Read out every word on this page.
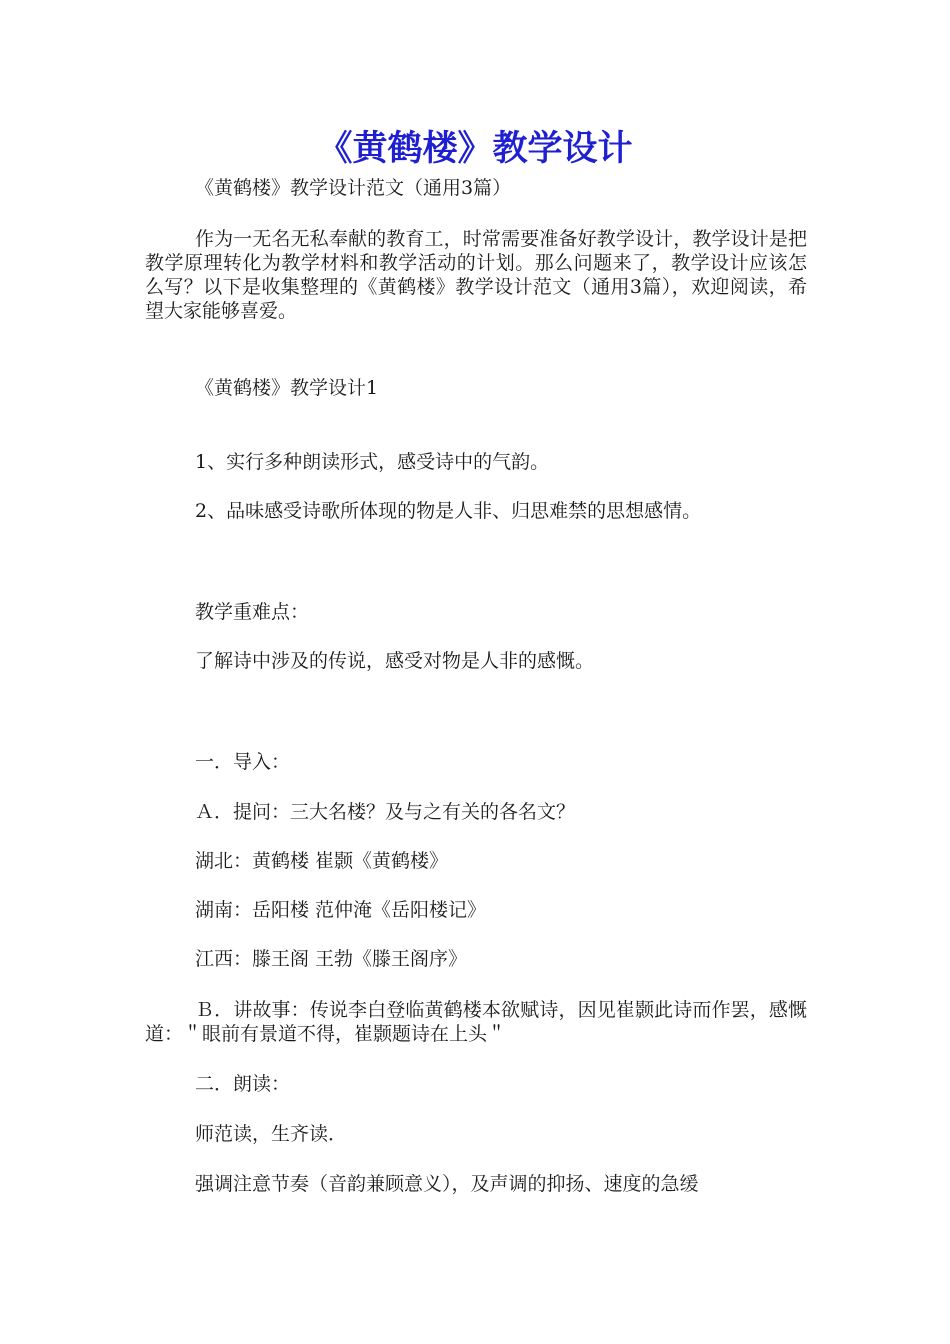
《黄鹤楼》教学设计

《黄鹤楼》教学设计范文（通用3篇）

作为一无名无私奉献的教育工，时常需要准备好教学设计，教学设计是把教学原理转化为教学材料和教学活动的计划。那么问题来了，教学设计应该怎么写？以下是收集整理的《黄鹤楼》教学设计范文（通用3篇），欢迎阅读，希望大家能够喜爱。

《黄鹤楼》教学设计1

1、实行多种朗读形式，感受诗中的气韵。

2、品味感受诗歌所体现的物是人非、归思难禁的思想感情。

教学重难点：

了解诗中涉及的传说，感受对物是人非的感慨。

一．导入：

Ａ．提问：三大名楼？及与之有关的各名文？

湖北：黄鹤楼 崔颢《黄鹤楼》

湖南：岳阳楼 范仲淹《岳阳楼记》

江西：滕王阁 王勃《滕王阁序》

Ｂ．讲故事：传说李白登临黄鹤楼本欲赋诗，因见崔颢此诗而作罢，感慨道：＂眼前有景道不得，崔颢题诗在上头＂

二．朗读：

师范读，生齐读．

强调注意节奏（音韵兼顾意义），及声调的抑扬、速度的急缓
